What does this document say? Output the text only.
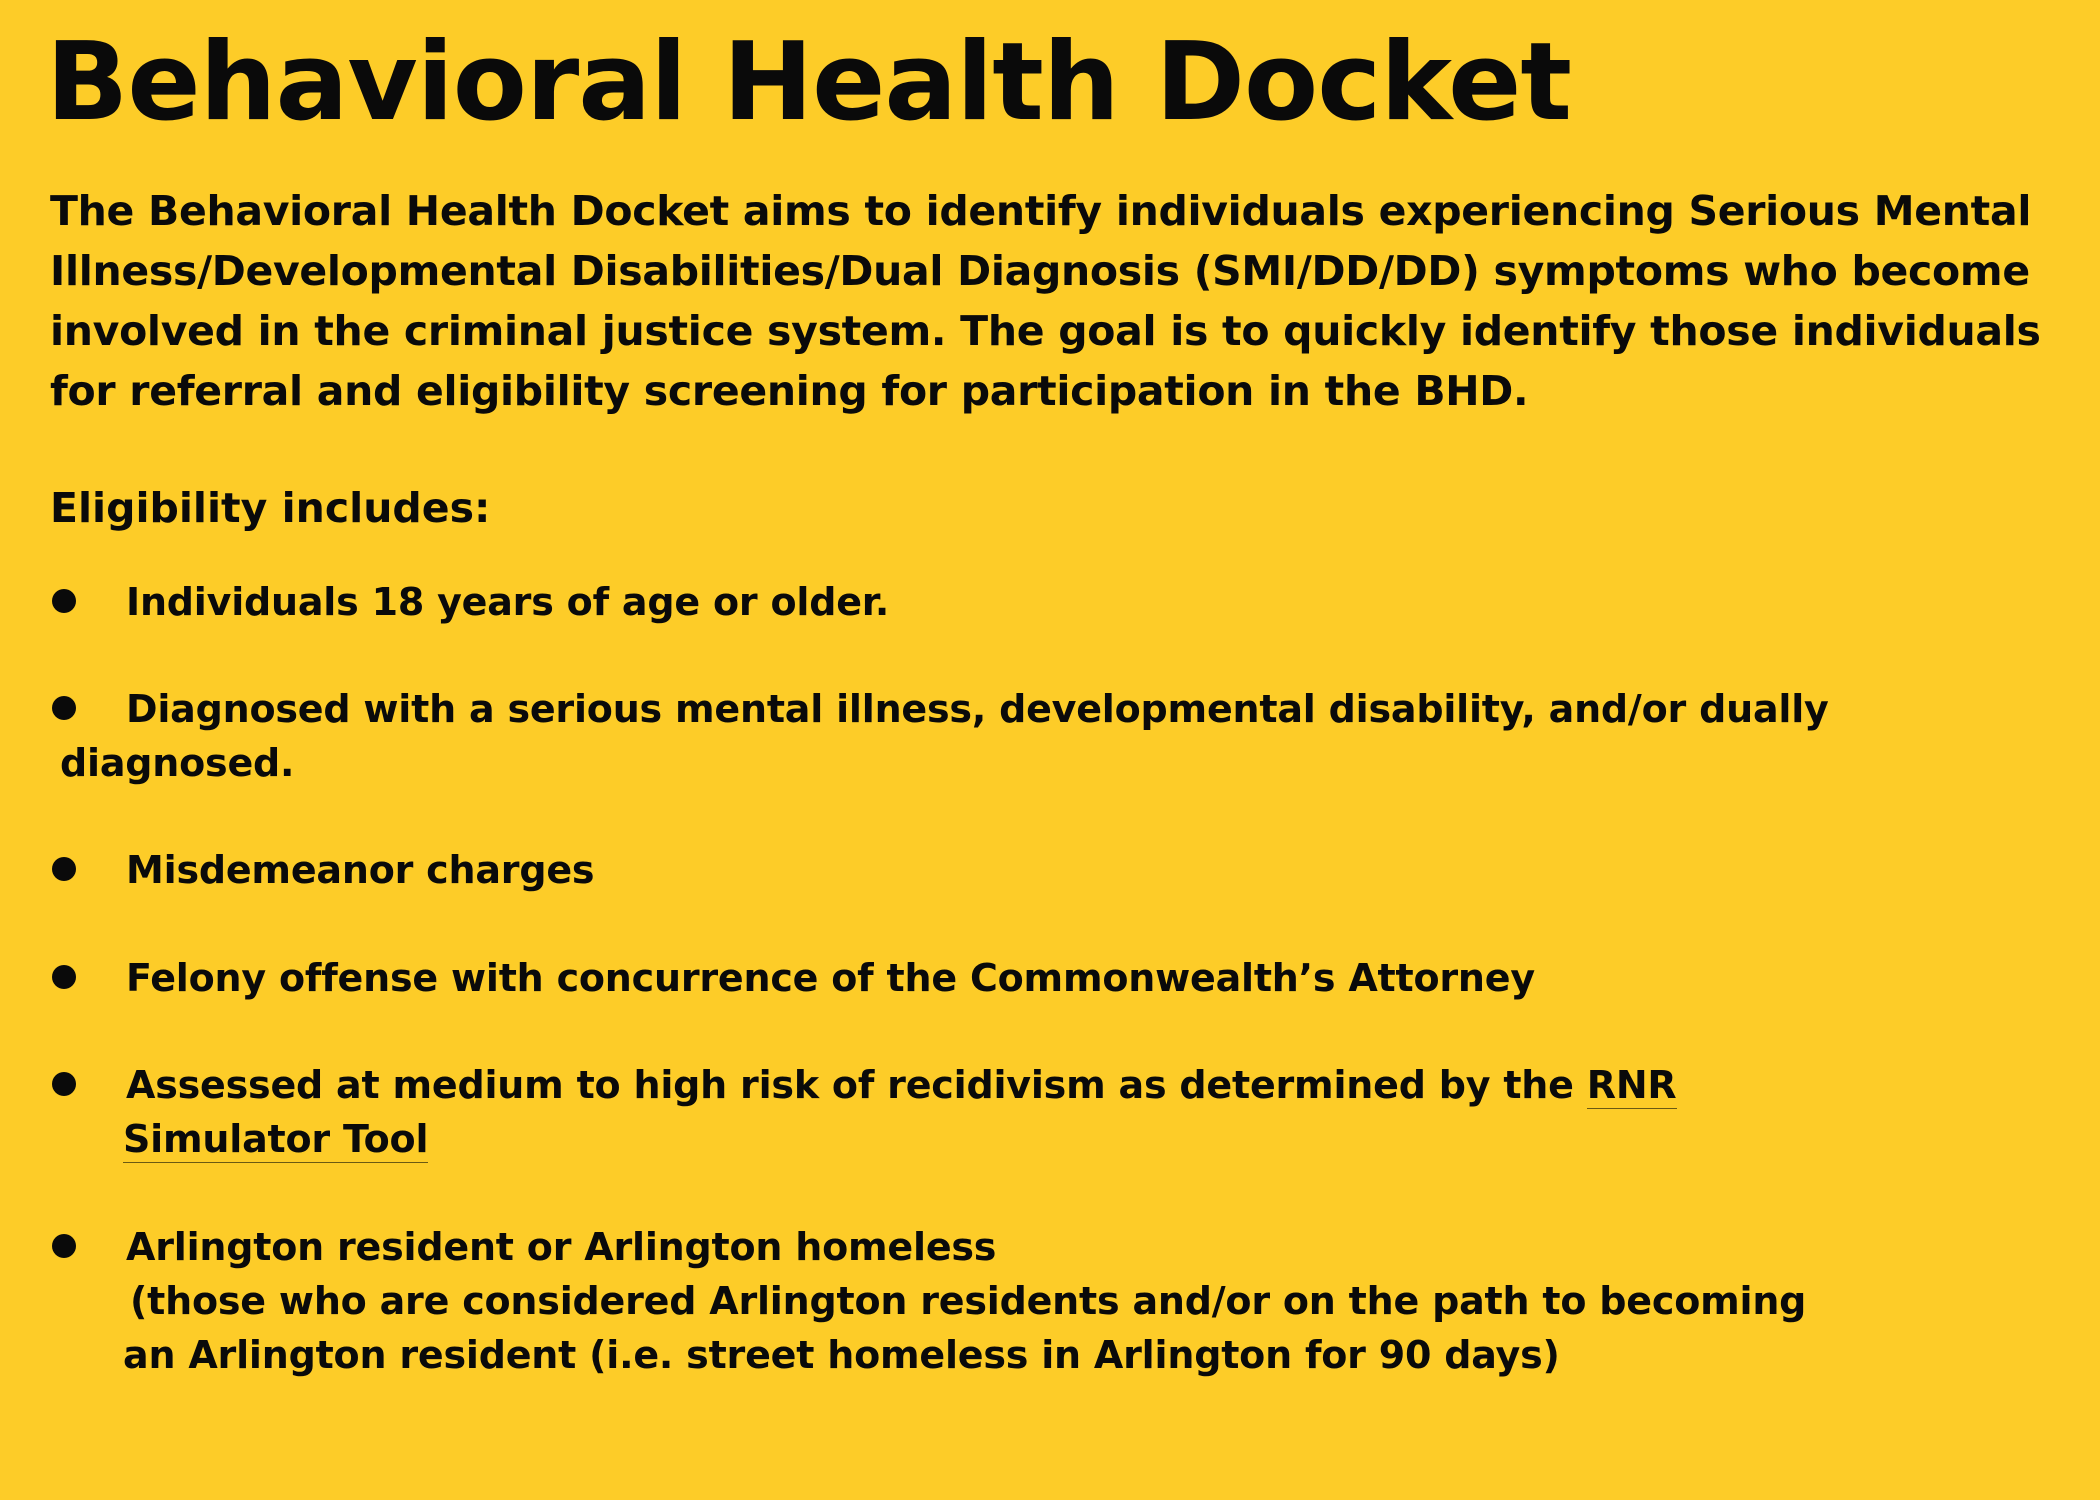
Behavioral Health Docket

The Behavioral Health Docket aims to identify individuals experiencing Serious Mental Illness/Developmental Disabilities/Dual Diagnosis (SMI/DD/DD) symptoms who become involved in the criminal justice system. The goal is to quickly identify those individuals for referral and eligibility screening for participation in the BHD.

Eligibility includes:
Individuals 18 years of age or older.
Diagnosed with a serious mental illness, developmental disability, and/or dually
diagnosed.
Misdemeanor charges
Felony offense with concurrence of the Commonwealth’s Attorney
Assessed at medium to high risk of recidivism as determined by the RNR
Simulator Tool
Arlington resident or Arlington homeless
(those who are considered Arlington residents and/or on the path to becoming
an Arlington resident (i.e. street homeless in Arlington for 90 days)
